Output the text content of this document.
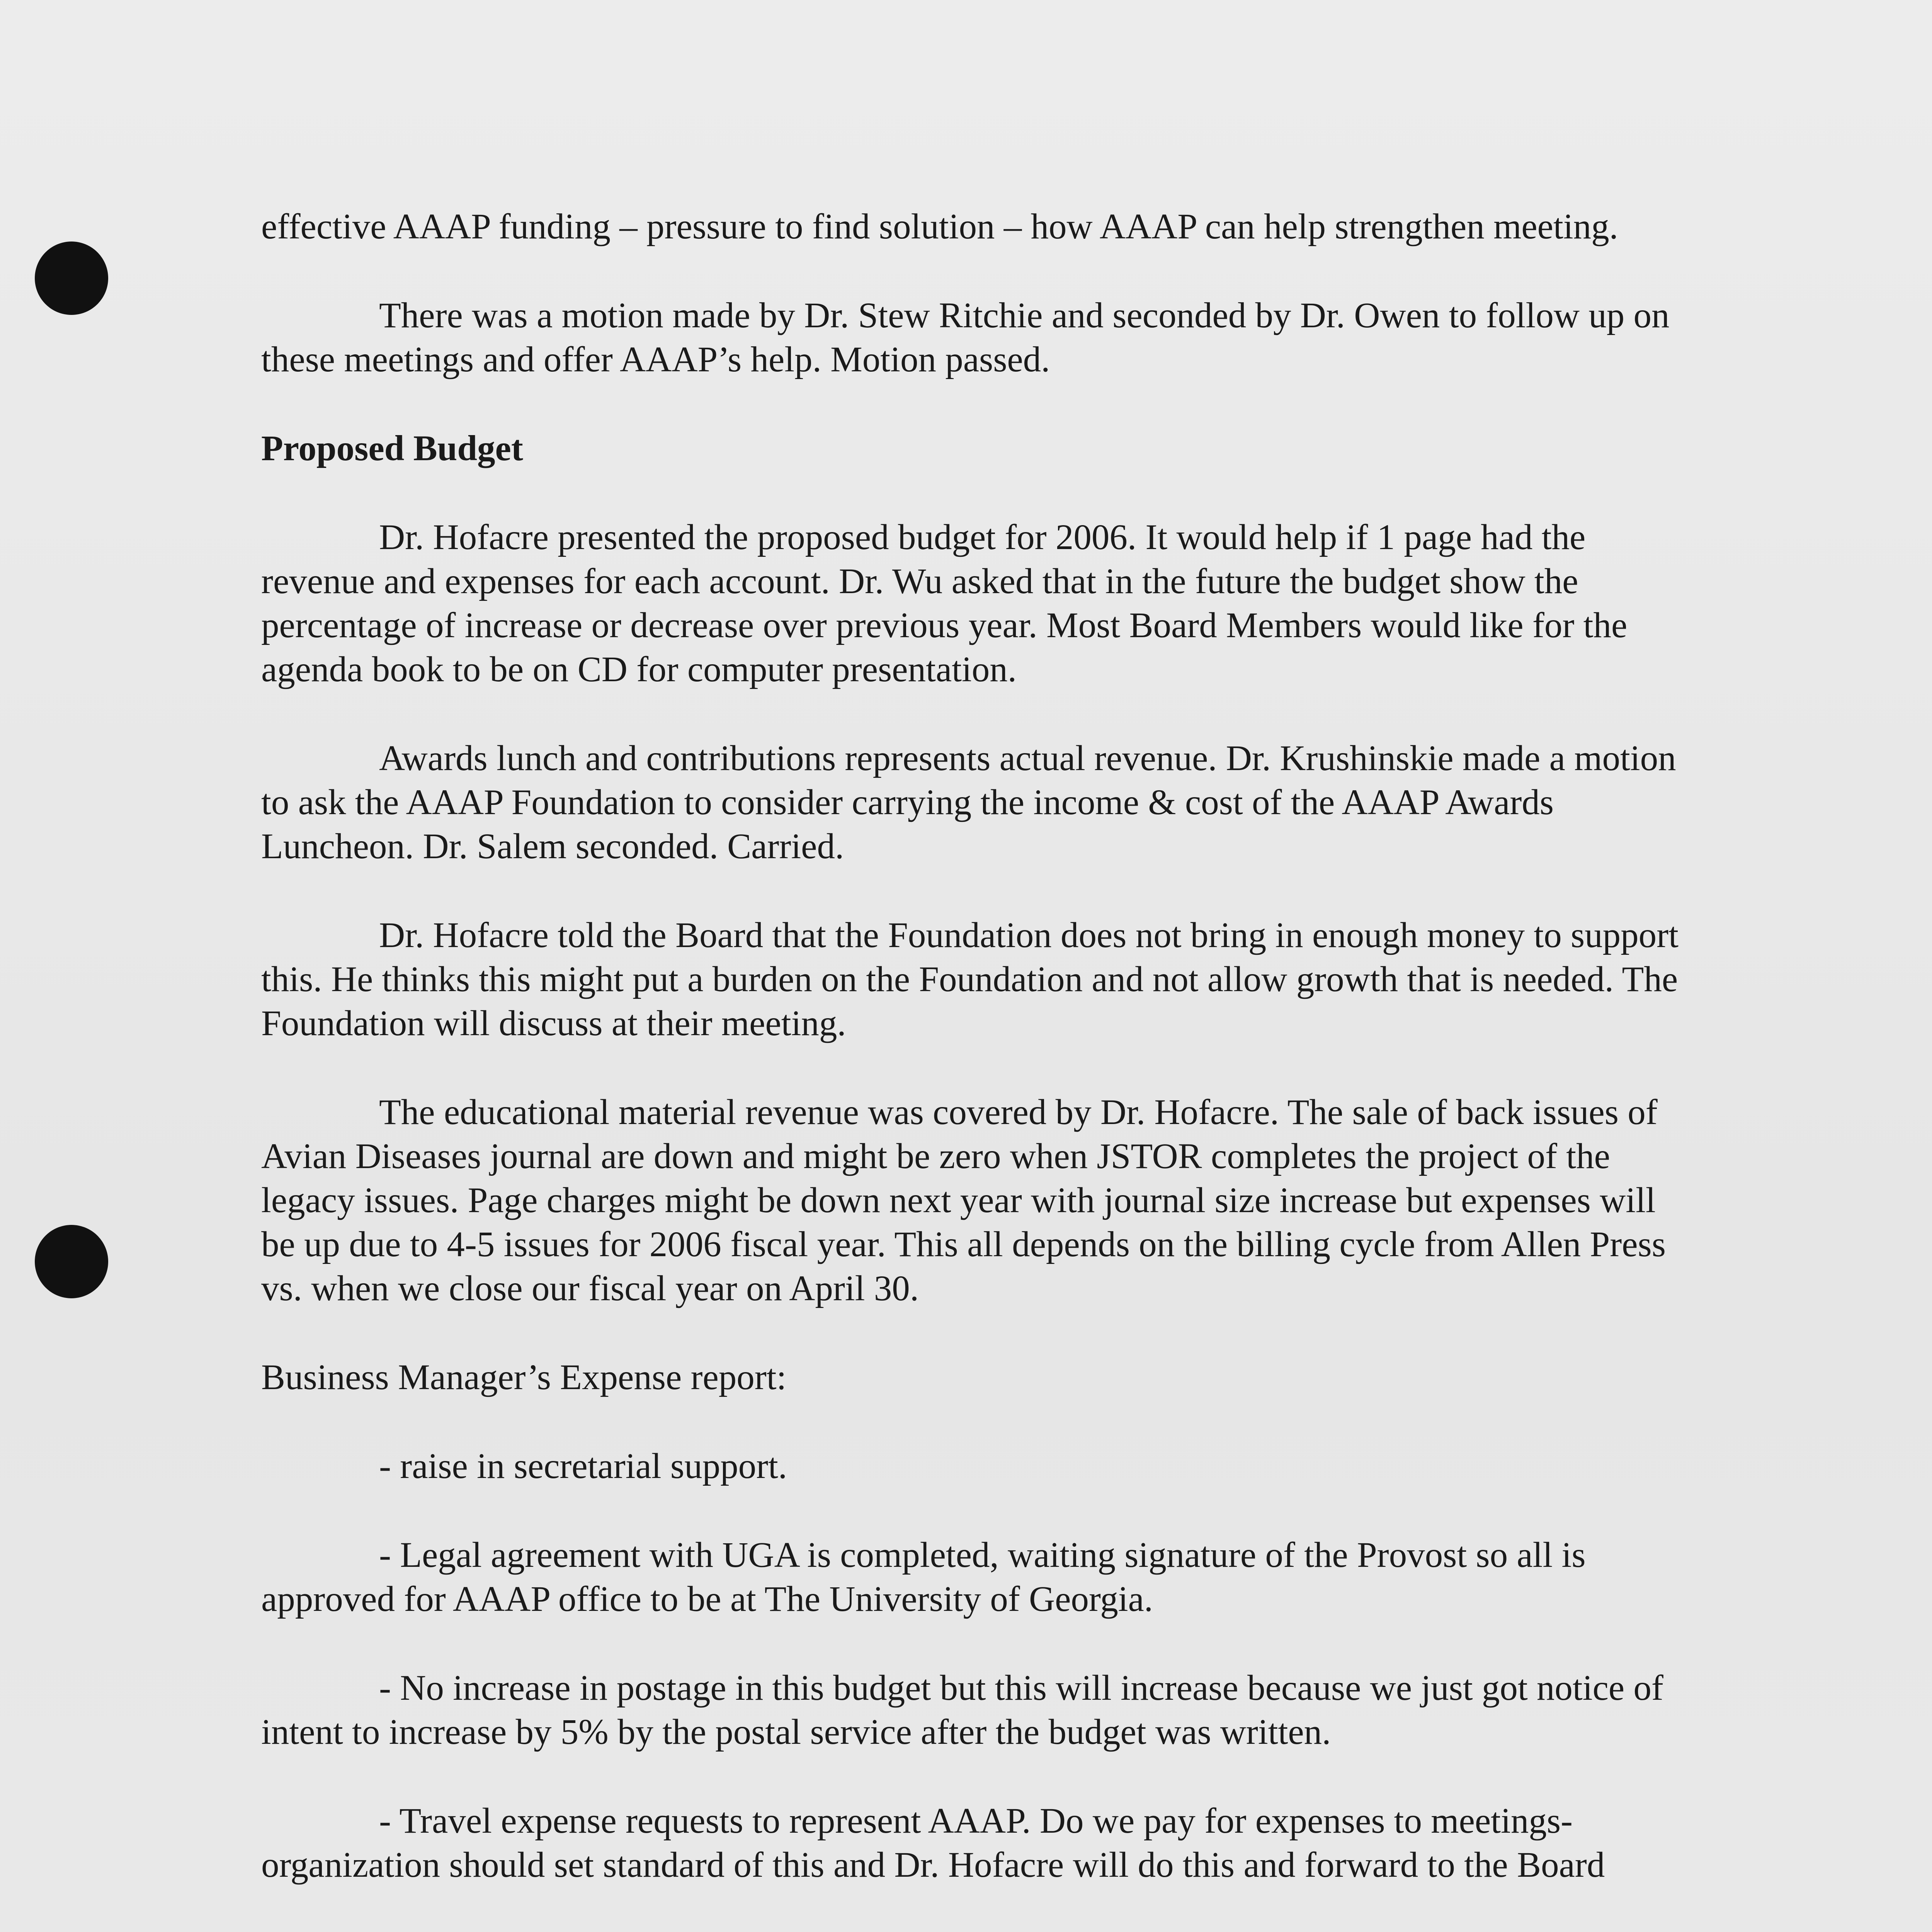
effective AAAP funding – pressure to find solution – how AAAP can help strengthen meeting.

There was a motion made by Dr. Stew Ritchie and seconded by Dr. Owen to follow up on these meetings and offer AAAP’s help. Motion passed.

Proposed Budget

Dr. Hofacre presented the proposed budget for 2006. It would help if 1 page had the revenue and expenses for each account. Dr. Wu asked that in the future the budget show the percentage of increase or decrease over previous year. Most Board Members would like for the agenda book to be on CD for computer presentation.

Awards lunch and contributions represents actual revenue. Dr. Krushinskie made a motion to ask the AAAP Foundation to consider carrying the income & cost of the AAAP Awards Luncheon. Dr. Salem seconded. Carried.

Dr. Hofacre told the Board that the Foundation does not bring in enough money to support this. He thinks this might put a burden on the Foundation and not allow growth that is needed. The Foundation will discuss at their meeting.

The educational material revenue was covered by Dr. Hofacre. The sale of back issues of Avian Diseases journal are down and might be zero when JSTOR completes the project of the legacy issues. Page charges might be down next year with journal size increase but expenses will be up due to 4-5 issues for 2006 fiscal year. This all depends on the billing cycle from Allen Press vs. when we close our fiscal year on April 30.

Business Manager’s Expense report:

- raise in secretarial support.

- Legal agreement with UGA is completed, waiting signature of the Provost so all is approved for AAAP office to be at The University of Georgia.

- No increase in postage in this budget but this will increase because we just got notice of intent to increase by 5% by the postal service after the budget was written.

- Travel expense requests to represent AAAP. Do we pay for expenses to meetings- organization should set standard of this and Dr. Hofacre will do this and forward to the Board
